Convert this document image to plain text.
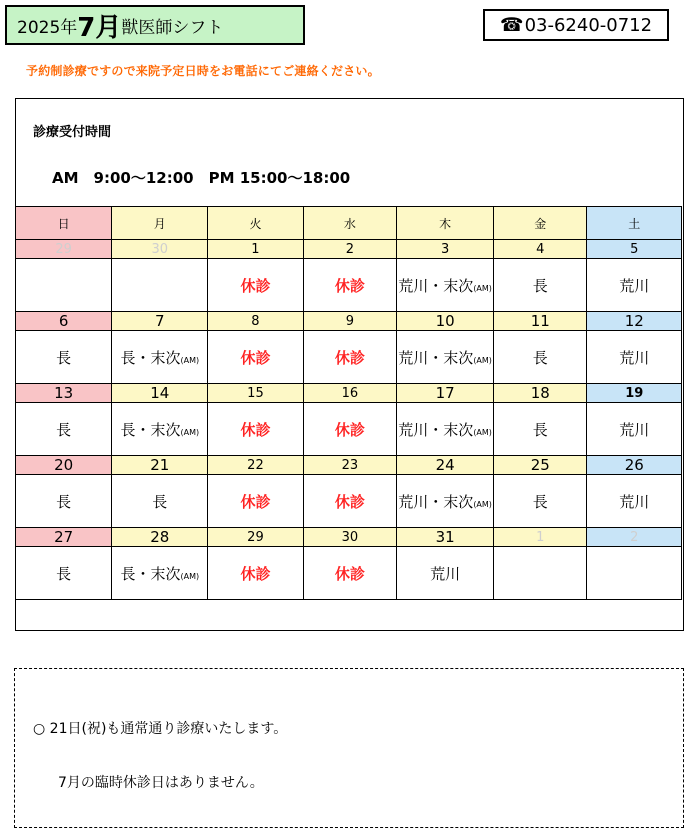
2025年 7月 獣医師シフト	☎ 03-6240-0712
予約制診療ですので来院予定日時をお電話にてご連絡ください。
診療受付時間
AM　9:00～12:00　PM 15:00～18:00
日	月	火	水	木	金	土
29	30	1	2	3	4	5
		休診	休診	荒川・末次(AM)	長	荒川
6	7	8	9	10	11	12
長	長・末次(AM)	休診	休診	荒川・末次(AM)	長	荒川
13	14	15	16	17	18	19
長	長・末次(AM)	休診	休診	荒川・末次(AM)	長	荒川
20	21	22	23	24	25	26
長	長	休診	休診	荒川・末次(AM)	長	荒川
27	28	29	30	31	1	2
長	長・末次(AM)	休診	休診	荒川		
○ 21日(祝)も通常通り診療いたします。
7月の臨時休診日はありません。
